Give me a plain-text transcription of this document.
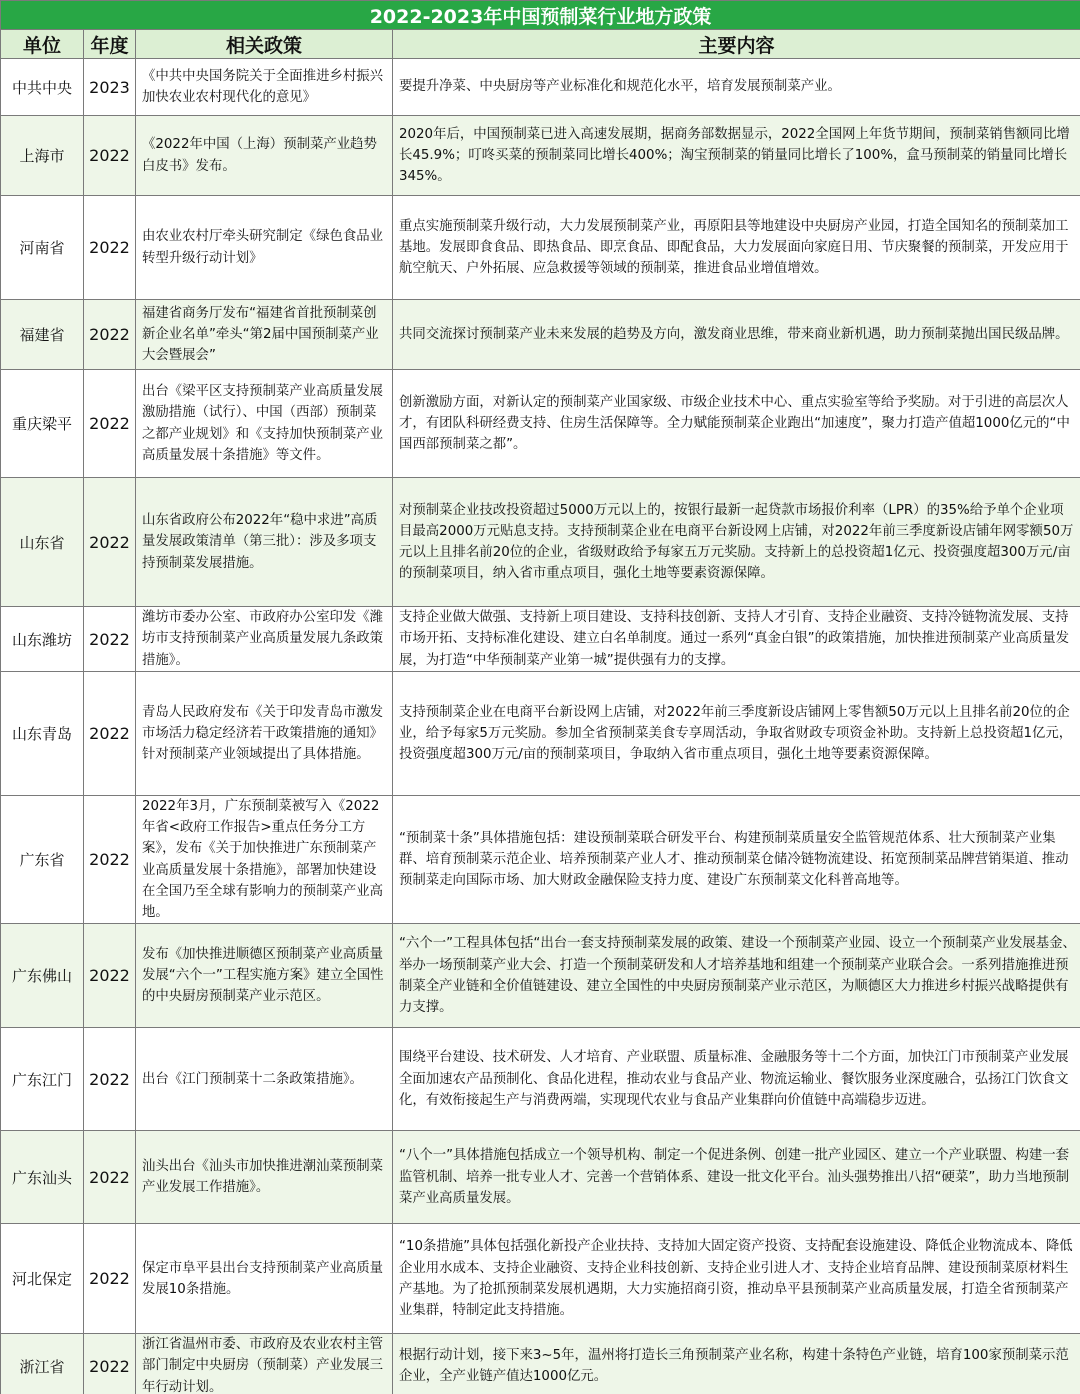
2022-2023年中国预制菜行业地方政策			
单位	年度	相关政策	主要内容
中共中央	2023	《中共中央国务院关于全面推进乡村振兴加快农业农村现代化的意见》	要提升净菜、中央厨房等产业标准化和规范化水平，培育发展预制菜产业。
上海市	2022	《2022年中国（上海）预制菜产业趋势白皮书》发布。	2020年后，中国预制菜已进入高速发展期，据商务部数据显示，2022全国网上年货节期间，预制菜销售额同比增长45.9%；叮咚买菜的预制菜同比增长400%；淘宝预制菜的销量同比增长了100%，盒马预制菜的销量同比增长345%。
河南省	2022	由农业农村厅牵头研究制定《绿色食品业转型升级行动计划》	重点实施预制菜升级行动，大力发展预制菜产业，再原阳县等地建设中央厨房产业园，打造全国知名的预制菜加工基地。发展即食食品、即热食品、即烹食品、即配食品，大力发展面向家庭日用、节庆聚餐的预制菜，开发应用于航空航天、户外拓展、应急救援等领域的预制菜，推进食品业增值增效。
福建省	2022	福建省商务厅发布“福建省首批预制菜创新企业名单”牵头“第2届中国预制菜产业大会暨展会”	共同交流探讨预制菜产业未来发展的趋势及方向，激发商业思维，带来商业新机遇，助力预制菜抛出国民级品牌。
重庆梁平	2022	出台《梁平区支持预制菜产业高质量发展激励措施（试行）、中国（西部）预制菜之都产业规划》和《支持加快预制菜产业高质量发展十条措施》等文件。	创新激励方面，对新认定的预制菜产业国家级、市级企业技术中心、重点实验室等给予奖励。对于引进的高层次人才，有团队科研经费支持、住房生活保障等。全力赋能预制菜企业跑出“加速度”，聚力打造产值超1000亿元的“中国西部预制菜之都”。
山东省	2022	山东省政府公布2022年“稳中求进”高质量发展政策清单（第三批）：涉及多项支持预制菜发展措施。	对预制菜企业技改投资超过5000万元以上的，按银行最新一起贷款市场报价利率（LPR）的35%给予单个企业项目最高2000万元贴息支持。支持预制菜企业在电商平台新设网上店铺，对2022年前三季度新设店铺年网零额50万元以上且排名前20位的企业，省级财政给予每家五万元奖励。支持新上的总投资超1亿元、投资强度超300万元/亩的预制菜项目，纳入省市重点项目，强化土地等要素资源保障。
山东潍坊	2022	潍坊市委办公室、市政府办公室印发《潍坊市支持预制菜产业高质量发展九条政策措施》。	支持企业做大做强、支持新上项目建设、支持科技创新、支持人才引育、支持企业融资、支持冷链物流发展、支持市场开拓、支持标准化建设、建立白名单制度。通过一系列“真金白银”的政策措施，加快推进预制菜产业高质量发展，为打造“中华预制菜产业第一城”提供强有力的支撑。
山东青岛	2022	青岛人民政府发布《关于印发青岛市激发市场活力稳定经济若干政策措施的通知》针对预制菜产业领域提出了具体措施。	支持预制菜企业在电商平台新设网上店铺，对2022年前三季度新设店铺网上零售额50万元以上且排名前20位的企业，给予每家5万元奖励。参加全省预制菜美食专享周活动，争取省财政专项资金补助。支持新上总投资超1亿元，投资强度超300万元/亩的预制菜项目，争取纳入省市重点项目，强化土地等要素资源保障。
广东省	2022	2022年3月，广东预制菜被写入《2022年省<政府工作报告>重点任务分工方案》，发布《关于加快推进广东预制菜产业高质量发展十条措施》，部署加快建设在全国乃至全球有影响力的预制菜产业高地。	“预制菜十条”具体措施包括：建设预制菜联合研发平台、构建预制菜质量安全监管规范体系、壮大预制菜产业集群、培育预制菜示范企业、培养预制菜产业人才、推动预制菜仓储冷链物流建设、拓宽预制菜品牌营销渠道、推动预制菜走向国际市场、加大财政金融保险支持力度、建设广东预制菜文化科普高地等。
广东佛山	2022	发布《加快推进顺德区预制菜产业高质量发展“六个一”工程实施方案》建立全国性的中央厨房预制菜产业示范区。	“六个一”工程具体包括“出台一套支持预制菜发展的政策、建设一个预制菜产业园、设立一个预制菜产业发展基金、举办一场预制菜产业大会、打造一个预制菜研发和人才培养基地和组建一个预制菜产业联合会。一系列措施推进预制菜全产业链和全价值链建设、建立全国性的中央厨房预制菜产业示范区，为顺德区大力推进乡村振兴战略提供有力支撑。
广东江门	2022	出台《江门预制菜十二条政策措施》。	围绕平台建设、技术研发、人才培育、产业联盟、质量标准、金融服务等十二个方面，加快江门市预制菜产业发展全面加速农产品预制化、食品化进程，推动农业与食品产业、物流运输业、餐饮服务业深度融合，弘扬江门饮食文化，有效衔接起生产与消费两端，实现现代农业与食品产业集群向价值链中高端稳步迈进。
广东汕头	2022	汕头出台《汕头市加快推进潮汕菜预制菜产业发展工作措施》。	“八个一”具体措施包括成立一个领导机构、制定一个促进条例、创建一批产业园区、建立一个产业联盟、构建一套监管机制、培养一批专业人才、完善一个营销体系、建设一批文化平台。汕头强势推出八招“硬菜”，助力当地预制菜产业高质量发展。
河北保定	2022	保定市阜平县出台支持预制菜产业高质量发展10条措施。	“10条措施”具体包括强化新投产企业扶持、支持加大固定资产投资、支持配套设施建设、降低企业物流成本、降低企业用水成本、支持企业融资、支持企业科技创新、支持企业引进人才、支持企业培育品牌、建设预制菜原材料生产基地。为了抢抓预制菜发展机遇期，大力实施招商引资，推动阜平县预制菜产业高质量发展，打造全省预制菜产业集群，特制定此支持措施。
浙江省	2022	浙江省温州市委、市政府及农业农村主管部门制定中央厨房（预制菜）产业发展三年行动计划。	根据行动计划，接下来3~5年，温州将打造长三角预制菜产业名称，构建十条特色产业链，培育100家预制菜示范企业，全产业链产值达1000亿元。
